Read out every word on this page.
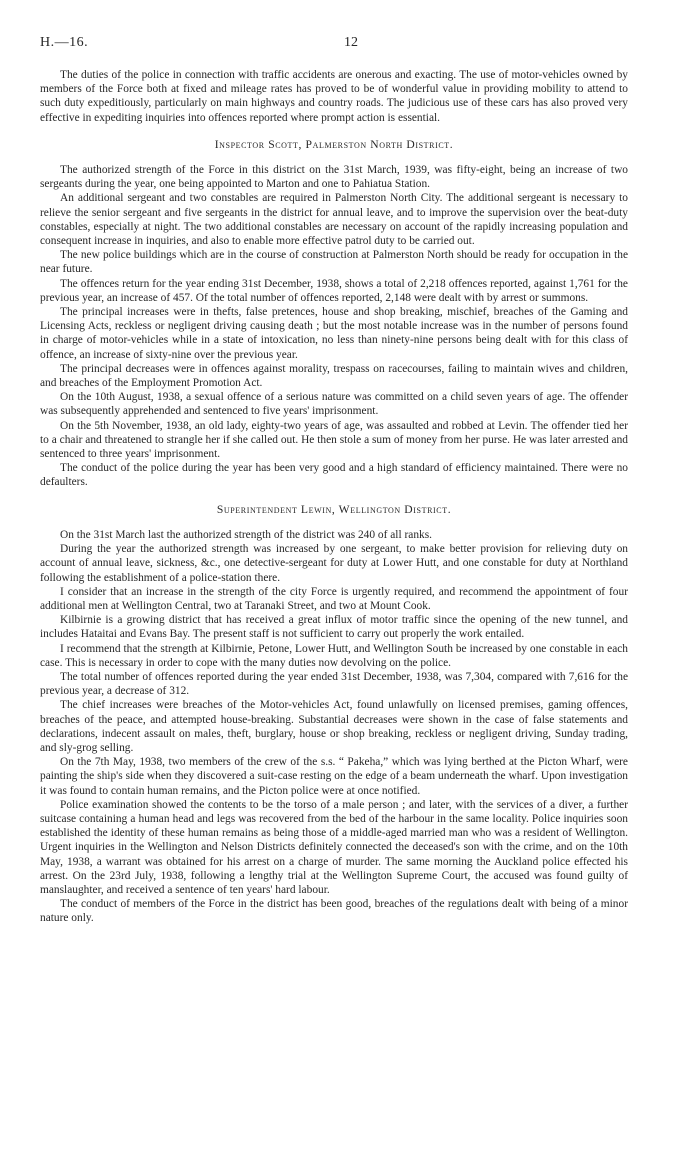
H.—16.	12

The duties of the police in connection with traffic accidents are onerous and exacting. The use of motor-vehicles owned by members of the Force both at fixed and mileage rates has proved to be of wonderful value in providing mobility to attend to such duty expeditiously, particularly on main highways and country roads. The judicious use of these cars has also proved very effective in expediting inquiries into offences reported where prompt action is essential.

Inspector Scott, Palmerston North District.

The authorized strength of the Force in this district on the 31st March, 1939, was fifty-eight, being an increase of two sergeants during the year, one being appointed to Marton and one to Pahiatua Station.

An additional sergeant and two constables are required in Palmerston North City. The additional sergeant is necessary to relieve the senior sergeant and five sergeants in the district for annual leave, and to improve the supervision over the beat-duty constables, especially at night. The two additional constables are necessary on account of the rapidly increasing population and consequent increase in inquiries, and also to enable more effective patrol duty to be carried out.

The new police buildings which are in the course of construction at Palmerston North should be ready for occupation in the near future.

The offences return for the year ending 31st December, 1938, shows a total of 2,218 offences reported, against 1,761 for the previous year, an increase of 457. Of the total number of offences reported, 2,148 were dealt with by arrest or summons.

The principal increases were in thefts, false pretences, house and shop breaking, mischief, breaches of the Gaming and Licensing Acts, reckless or negligent driving causing death ; but the most notable increase was in the number of persons found in charge of motor-vehicles while in a state of intoxication, no less than ninety-nine persons being dealt with for this class of offence, an increase of sixty-nine over the previous year.

The principal decreases were in offences against morality, trespass on racecourses, failing to maintain wives and children, and breaches of the Employment Promotion Act.

On the 10th August, 1938, a sexual offence of a serious nature was committed on a child seven years of age. The offender was subsequently apprehended and sentenced to five years' imprisonment.

On the 5th November, 1938, an old lady, eighty-two years of age, was assaulted and robbed at Levin. The offender tied her to a chair and threatened to strangle her if she called out. He then stole a sum of money from her purse. He was later arrested and sentenced to three years' imprisonment.

The conduct of the police during the year has been very good and a high standard of efficiency maintained. There were no defaulters.

Superintendent Lewin, Wellington District.

On the 31st March last the authorized strength of the district was 240 of all ranks.

During the year the authorized strength was increased by one sergeant, to make better provision for relieving duty on account of annual leave, sickness, &c., one detective-sergeant for duty at Lower Hutt, and one constable for duty at Northland following the establishment of a police-station there.

I consider that an increase in the strength of the city Force is urgently required, and recommend the appointment of four additional men at Wellington Central, two at Taranaki Street, and two at Mount Cook.

Kilbirnie is a growing district that has received a great influx of motor traffic since the opening of the new tunnel, and includes Hataitai and Evans Bay. The present staff is not sufficient to carry out properly the work entailed.

I recommend that the strength at Kilbirnie, Petone, Lower Hutt, and Wellington South be increased by one constable in each case. This is necessary in order to cope with the many duties now devolving on the police.

The total number of offences reported during the year ended 31st December, 1938, was 7,304, compared with 7,616 for the previous year, a decrease of 312.

The chief increases were breaches of the Motor-vehicles Act, found unlawfully on licensed premises, gaming offences, breaches of the peace, and attempted house-breaking. Substantial decreases were shown in the case of false statements and declarations, indecent assault on males, theft, burglary, house or shop breaking, reckless or negligent driving, Sunday trading, and sly-grog selling.

On the 7th May, 1938, two members of the crew of the s.s. “ Pakeha,” which was lying berthed at the Picton Wharf, were painting the ship's side when they discovered a suit-case resting on the edge of a beam underneath the wharf. Upon investigation it was found to contain human remains, and the Picton police were at once notified.

Police examination showed the contents to be the torso of a male person ; and later, with the services of a diver, a further suitcase containing a human head and legs was recovered from the bed of the harbour in the same locality. Police inquiries soon established the identity of these human remains as being those of a middle-aged married man who was a resident of Wellington. Urgent inquiries in the Wellington and Nelson Districts definitely connected the deceased's son with the crime, and on the 10th May, 1938, a warrant was obtained for his arrest on a charge of murder. The same morning the Auckland police effected his arrest. On the 23rd July, 1938, following a lengthy trial at the Wellington Supreme Court, the accused was found guilty of manslaughter, and received a sentence of ten years' hard labour.

The conduct of members of the Force in the district has been good, breaches of the regulations dealt with being of a minor nature only.
